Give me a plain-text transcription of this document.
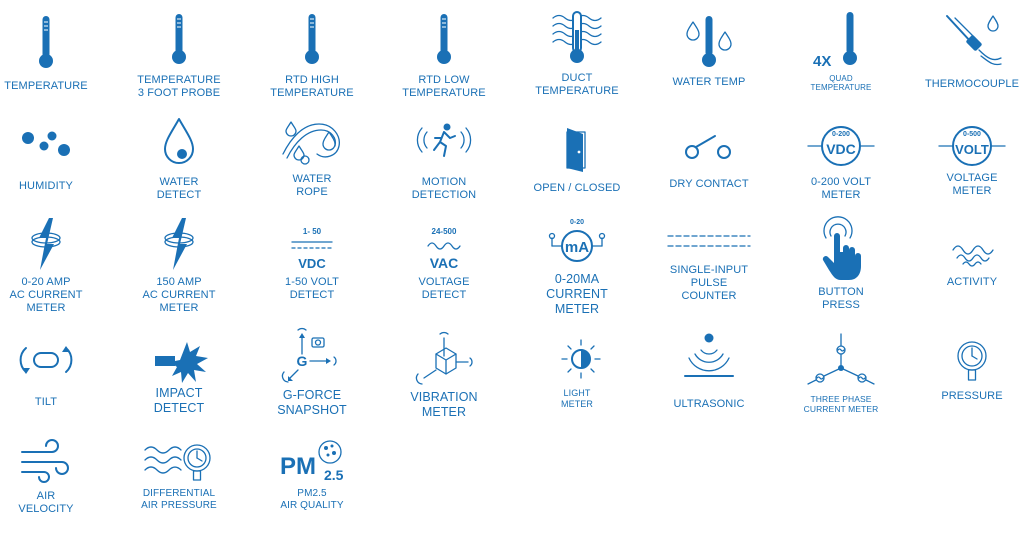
TEMPERATURE	TEMPERATURE
3 FOOT PROBE
RTD HIGH
TEMPERATURE
RTD LOW
TEMPERATURE
DUCT
TEMPERATURE
WATER TEMP
4X
QUAD
TEMPERATURE	THERMOCOUPLE
HUMIDITY	WATER
DETECT
WATER
ROPE
MOTION
DETECTION
OPEN / CLOSED	DRY CONTACT
0-200
VDC
0-200 VOLT
METER
0-500
VOLT
VOLTAGE
METER
0-20 AMP
AC CURRENT
METER
150 AMP
AC CURRENT
METER
1- 50
VDC
1-50 VOLT
DETECT
24-500
VAC
VOLTAGE
DETECT
0-20
mA
0-20MA
CURRENT
METER
SINGLE-INPUT
PULSE
COUNTER	BUTTON
PRESS
ACTIVITY
TILT
IMPACT
DETECT
G
G-FORCE
SNAPSHOT
VIBRATION
METER
LIGHT
METER	ULTRASONIC	THREE PHASE
CURRENT METER
PRESSURE
AIR
VELOCITY
DIFFERENTIAL
AIR PRESSURE
PM 2.5
PM2.5
AIR QUALITY
